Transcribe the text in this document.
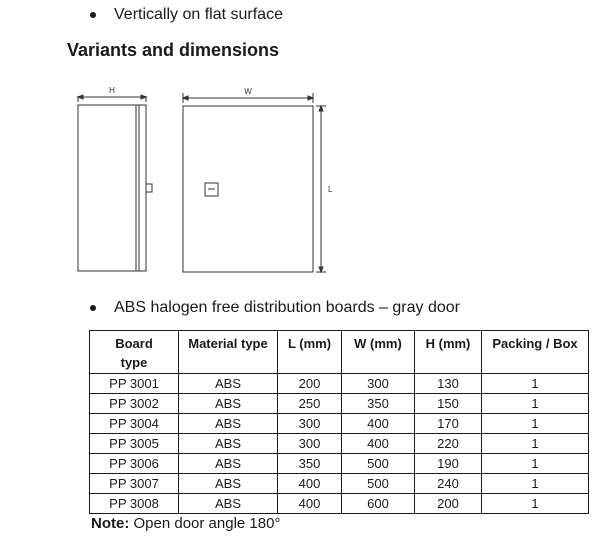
Vertically on flat surface
Variants and dimensions
H	W
L
ABS halogen free distribution boards – gray door
Board
type	Material type	L (mm)	W (mm)	H (mm)	Packing / Box
PP 3001	ABS	200	300	130	1
PP 3002	ABS	250	350	150	1
PP 3004	ABS	300	400	170	1
PP 3005	ABS	300	400	220	1
PP 3006	ABS	350	500	190	1
PP 3007	ABS	400	500	240	1
PP 3008	ABS	400	600	200	1
Note: Open door angle 180°
